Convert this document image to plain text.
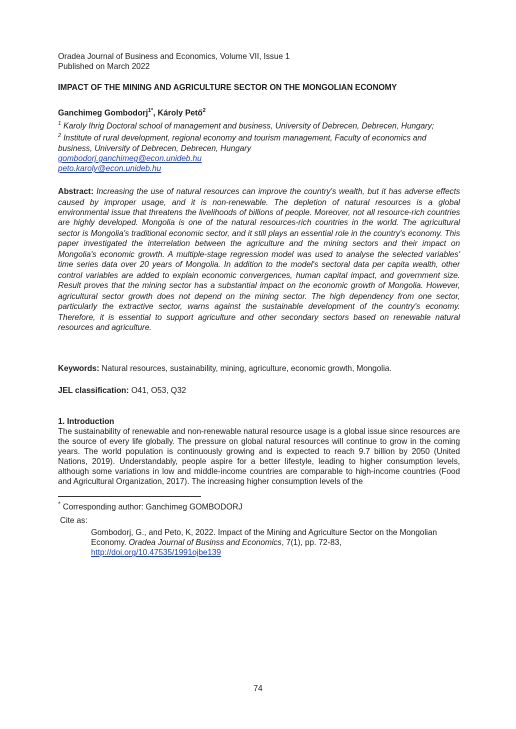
Oradea Journal of Business and Economics, Volume VII, Issue 1
Published on March 2022
IMPACT OF THE MINING AND AGRICULTURE SECTOR ON THE MONGOLIAN ECONOMY
Ganchimeg Gombodorj$^{1*}$, Károly Pető$^2$
$^1$ Karoly Ihrig Doctoral school of management and business, University of Debrecen, Debrecen, Hungary;
$^2$ Institute of rural development, regional economy and tourism management, Faculty of economics and business, University of Debrecen, Debrecen, Hungary
gombodorj.ganchimeg@econ.unideb.hu
peto.karoly@econ.unideb.hu
Abstract: Increasing the use of natural resources can improve the country's wealth, but it has adverse effects caused by improper usage, and it is non-renewable. The depletion of natural resources is a global environmental issue that threatens the livelihoods of billions of people. Moreover, not all resource-rich countries are highly developed. Mongolia is one of the natural resources-rich countries in the world. The agricultural sector is Mongolia's traditional economic sector, and it still plays an essential role in the country's economy. This paper investigated the interrelation between the agriculture and the mining sectors and their impact on Mongolia's economic growth. A multiple-stage regression model was used to analyse the selected variables' time series data over 20 years of Mongolia. In addition to the model's sectoral data per capita wealth, other control variables are added to explain economic convergences, human capital impact, and government size. Result proves that the mining sector has a substantial impact on the economic growth of Mongolia. However, agricultural sector growth does not depend on the mining sector. The high dependency from one sector, particularly the extractive sector, warns against the sustainable development of the country's economy. Therefore, it is essential to support agriculture and other secondary sectors based on renewable natural resources and agriculture.
Keywords: Natural resources, sustainability, mining, agriculture, economic growth, Mongolia.
JEL classification: O41, O53, Q32
1. Introduction
The sustainability of renewable and non-renewable natural resource usage is a global issue since resources are the source of every life globally. The pressure on global natural resources will continue to grow in the coming years. The world population is continuously growing and is expected to reach 9.7 billion by 2050 (United Nations, 2019). Understandably, people aspire for a better lifestyle, leading to higher consumption levels, although some variations in low and middle-income countries are comparable to high-income countries (Food and Agricultural Organization, 2017). The increasing higher consumption levels of the
* Corresponding author: Ganchimeg GOMBODORJ
Cite as:
Gombodorj, G., and Peto, K, 2022. Impact of the Mining and Agriculture Sector on the Mongolian Economy. Oradea Journal of Businss and Economics, 7(1), pp. 72-83, http://doi.org/10.47535/1991ojbe139
74
